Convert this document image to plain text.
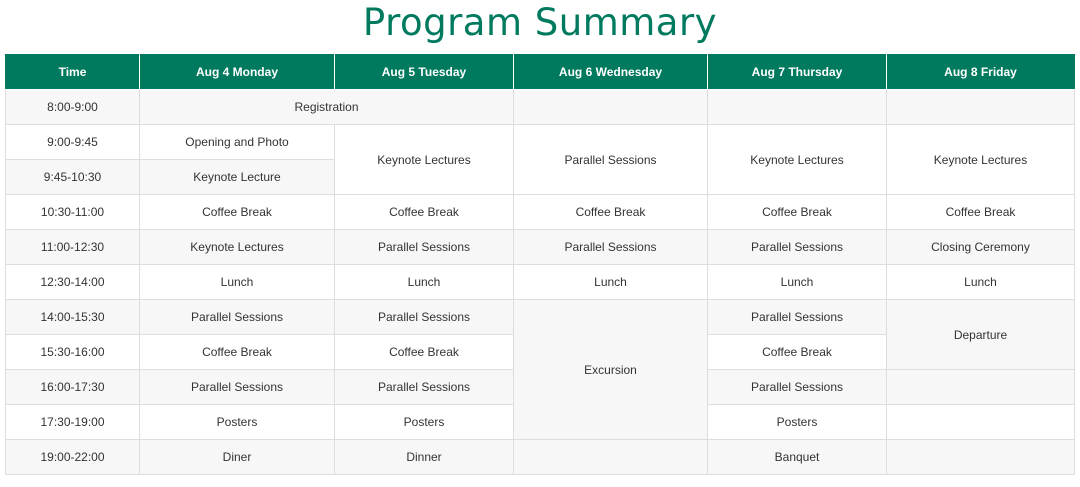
Program Summary
Time	Aug 4 Monday	Aug 5 Tuesday	Aug 6 Wednesday	Aug 7 Thursday	Aug 8 Friday
8:00-9:00	Registration				
9:00-9:45	Opening and Photo	Keynote Lectures	Parallel Sessions	Keynote Lectures	Keynote Lectures
9:45-10:30	Keynote Lecture				
10:30-11:00	Coffee Break	Coffee Break	Coffee Break	Coffee Break	Coffee Break
11:00-12:30	Keynote Lectures	Parallel Sessions	Parallel Sessions	Parallel Sessions	Closing Ceremony
12:30-14:00	Lunch	Lunch	Lunch	Lunch	Lunch
14:00-15:30	Parallel Sessions	Parallel Sessions	Excursion	Parallel Sessions	Departure
15:30-16:00	Coffee Break	Coffee Break		Coffee Break	
16:00-17:30	Parallel Sessions	Parallel Sessions		Parallel Sessions	
17:30-19:00	Posters	Posters		Posters	
19:00-22:00	Diner	Dinner		Banquet	
